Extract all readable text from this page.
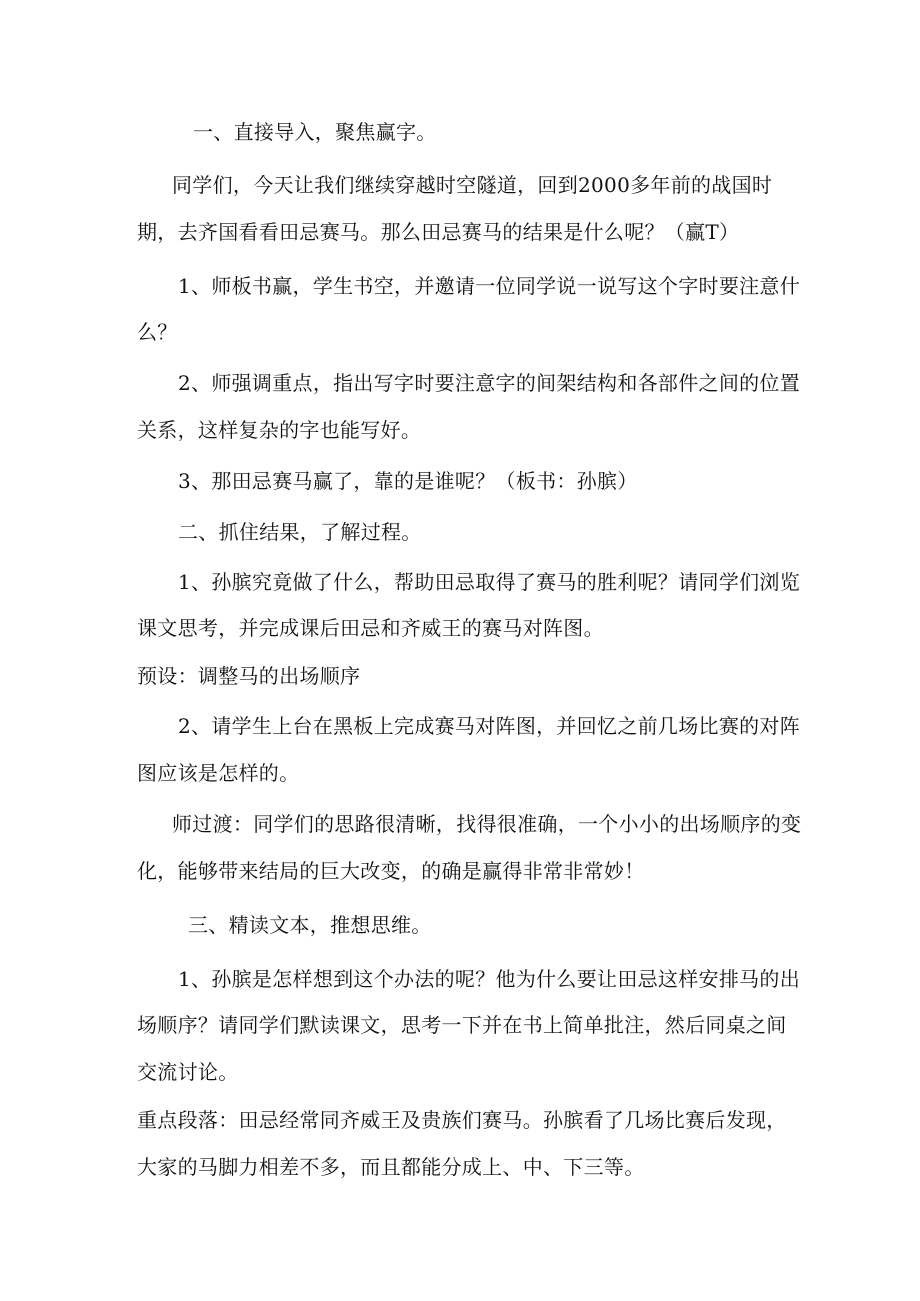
一、直接导入，聚焦赢字。
同学们，今天让我们继续穿越时空隧道，回到2000多年前的战国时
期，去齐国看看田忌赛马。那么田忌赛马的结果是什么呢？（赢T）
1、师板书赢，学生书空，并邀请一位同学说一说写这个字时要注意什
么？
2、师强调重点，指出写字时要注意字的间架结构和各部件之间的位置
关系，这样复杂的字也能写好。
3、那田忌赛马赢了，靠的是谁呢？（板书：孙膑）
二、抓住结果，了解过程。
1、孙膑究竟做了什么，帮助田忌取得了赛马的胜利呢？请同学们浏览
课文思考，并完成课后田忌和齐威王的赛马对阵图。
预设：调整马的出场顺序
2、请学生上台在黑板上完成赛马对阵图，并回忆之前几场比赛的对阵
图应该是怎样的。
师过渡：同学们的思路很清晰，找得很准确，一个小小的出场顺序的变
化，能够带来结局的巨大改变，的确是赢得非常非常妙！
三、精读文本，推想思维。
1、孙膑是怎样想到这个办法的呢？他为什么要让田忌这样安排马的出
场顺序？请同学们默读课文，思考一下并在书上简单批注，然后同桌之间
交流讨论。
重点段落：田忌经常同齐威王及贵族们赛马。孙膑看了几场比赛后发现，
大家的马脚力相差不多，而且都能分成上、中、下三等。
